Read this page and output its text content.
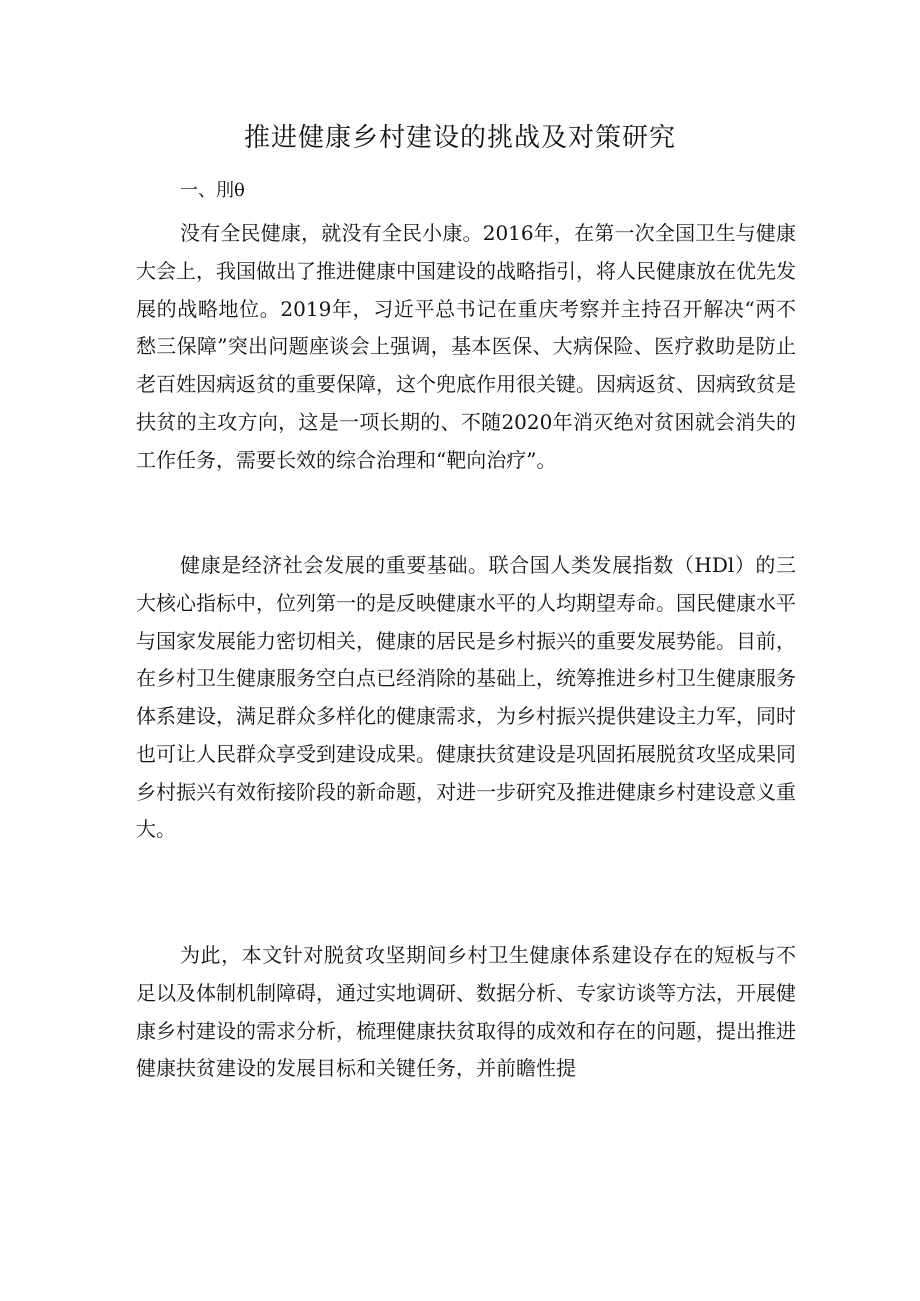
推进健康乡村建设的挑战及对策研究
一、刖θ

没有全民健康，就没有全民小康。2016年，在第一次全国卫生与健康大会上，我国做出了推进健康中国建设的战略指引，将人民健康放在优先发展的战略地位。2019年，习近平总书记在重庆考察并主持召开解决“两不愁三保障”突出问题座谈会上强调，基本医保、大病保险、医疗救助是防止老百姓因病返贫的重要保障，这个兜底作用很关键。因病返贫、因病致贫是扶贫的主攻方向，这是一项长期的、不随2020年消灭绝对贫困就会消失的工作任务，需要长效的综合治理和“靶向治疗”。

健康是经济社会发展的重要基础。联合国人类发展指数（HDl）的三大核心指标中，位列第一的是反映健康水平的人均期望寿命。国民健康水平与国家发展能力密切相关，健康的居民是乡村振兴的重要发展势能。目前，在乡村卫生健康服务空白点已经消除的基础上，统筹推进乡村卫生健康服务体系建设，满足群众多样化的健康需求，为乡村振兴提供建设主力军，同时也可让人民群众享受到建设成果。健康扶贫建设是巩固拓展脱贫攻坚成果同乡村振兴有效衔接阶段的新命题，对进一步研究及推进健康乡村建设意义重大。

为此，本文针对脱贫攻坚期间乡村卫生健康体系建设存在的短板与不足以及体制机制障碍，通过实地调研、数据分析、专家访谈等方法，开展健康乡村建设的需求分析，梳理健康扶贫取得的成效和存在的问题，提出推进健康扶贫建设的发展目标和关键任务，并前瞻性提
